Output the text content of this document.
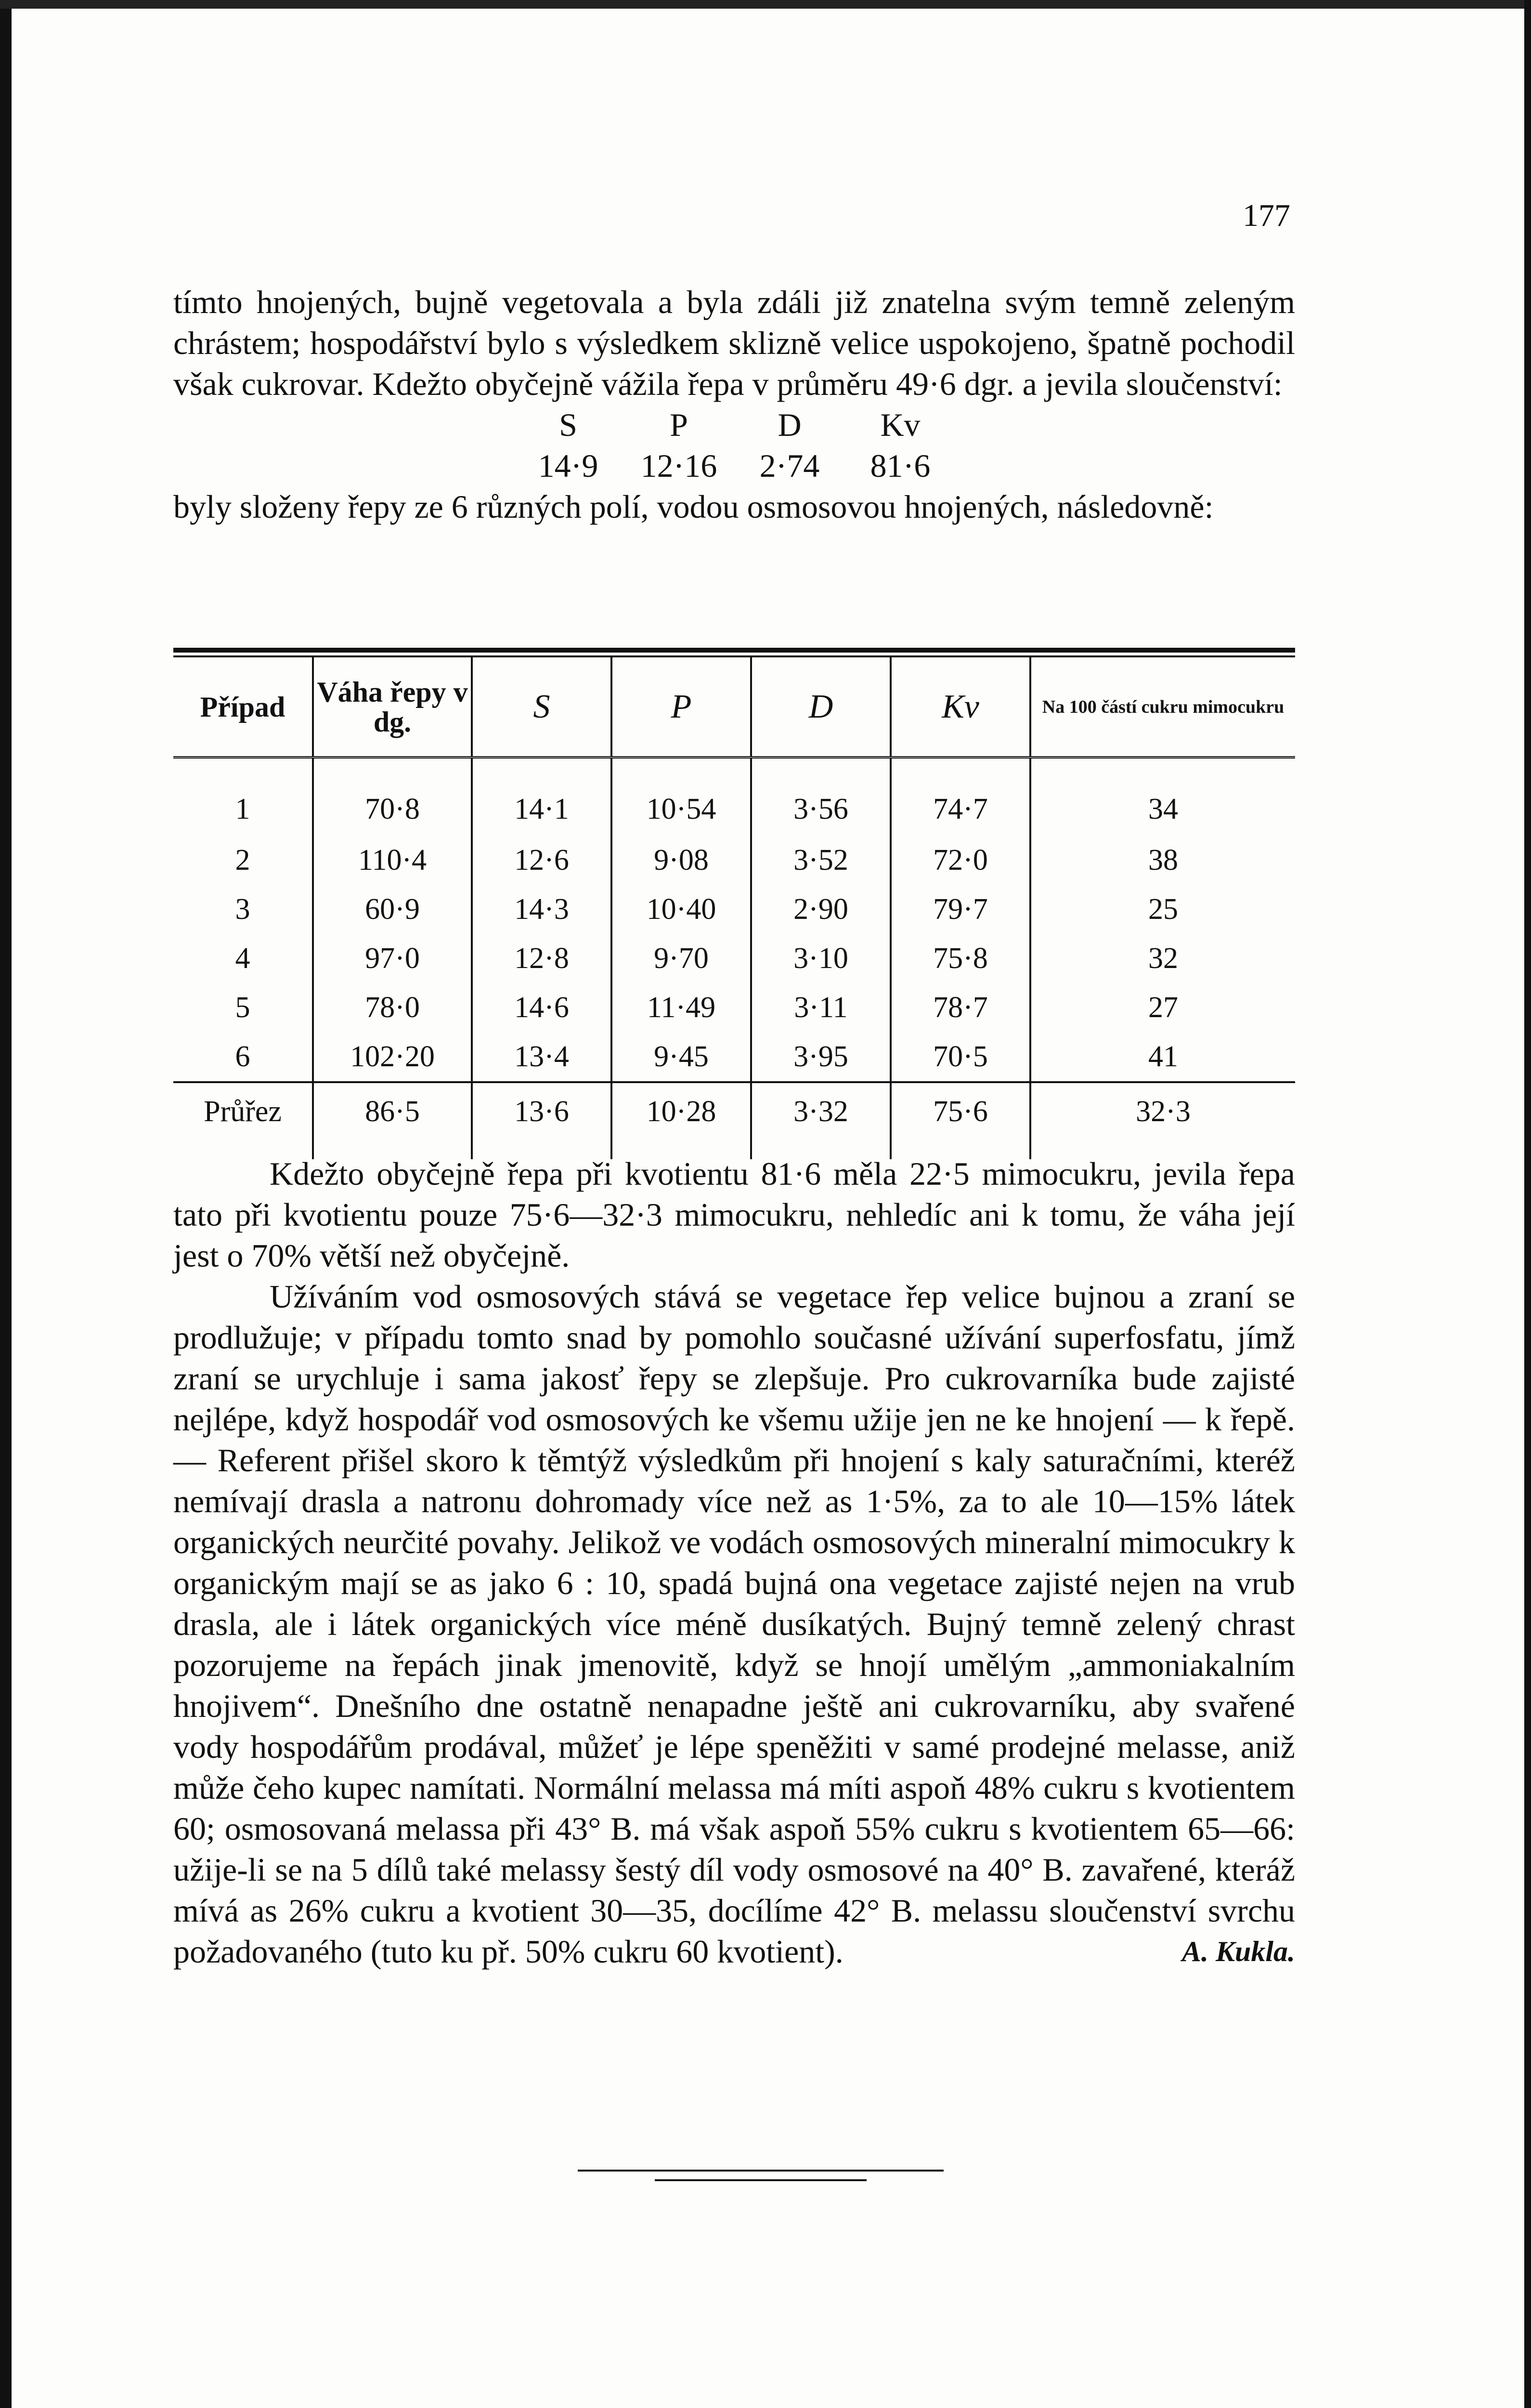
177

tímto hnojených, bujně vegetovala a byla zdáli již znatelna svým temně zeleným chrástem; hospodářství bylo s výsledkem sklizně velice uspokojeno, špatně pochodil však cukrovar. Kdežto obyčejně vážila řepa v průměru 49·6 dgr. a jevila sloučenství:

S	P	D	Kv
14·9	12·16	2·74	81·6

byly složeny řepy ze 6 různých polí, vodou osmosovou hnojených, následovně:

Případ	Váha řepy v dg.	S	P	D	Kv	Na 100 částí cukru mimocukru
1	70·8	14·1	10·54	3·56	74·7	34
2	110·4	12·6	9·08	3·52	72·0	38
3	60·9	14·3	10·40	2·90	79·7	25
4	97·0	12·8	9·70	3·10	75·8	32
5	78·0	14·6	11·49	3·11	78·7	27
6	102·20	13·4	9·45	3·95	70·5	41
Průřez	86·5	13·6	10·28	3·32	75·6	32·3

Kdežto obyčejně řepa při kvotientu 81·6 měla 22·5 mimocukru, jevila řepa tato při kvotientu pouze 75·6—32·3 mimocukru, nehledíc ani k tomu, že váha její jest o 70% větší než obyčejně.

Užíváním vod osmosových stává se vegetace řep velice bujnou a zraní se prodlužuje; v případu tomto snad by pomohlo současné užívání superfosfatu, jímž zraní se urychluje i sama jakosť řepy se zlepšuje. Pro cukrovarníka bude zajisté nejlépe, když hospodář vod osmosových ke všemu užije jen ne ke hnojení — k řepě. — Referent přišel skoro k těmtýž výsledkům při hnojení s kaly saturačními, kteréž nemívají drasla a natronu dohromady více než as 1·5%, za to ale 10—15% látek organických neurčité povahy. Jelikož ve vodách osmosových mineralní mimocukry k organickým mají se as jako 6 : 10, spadá bujná ona vegetace zajisté nejen na vrub drasla, ale i látek organických více méně dusíkatých. Bujný temně zelený chrast pozorujeme na řepách jinak jmenovitě, když se hnojí umělým „ammoniakalním hnojivem“. Dnešního dne ostatně nenapadne ještě ani cukrovarníku, aby svařené vody hospodářům prodával, můžeť je lépe speněžiti v samé prodejné melasse, aniž může čeho kupec namítati. Normální melassa má míti aspoň 48% cukru s kvotientem 60; osmosovaná melassa při 43° B. má však aspoň 55% cukru s kvotientem 65—66: užije-li se na 5 dílů také melassy šestý díl vody osmosové na 40° B. zavařené, kteráž mívá as 26% cukru a kvotient 30—35, docílíme 42° B. melassu sloučenství svrchu požadovaného (tuto ku př. 50% cukru 60 kvotient).	A. Kukla.
